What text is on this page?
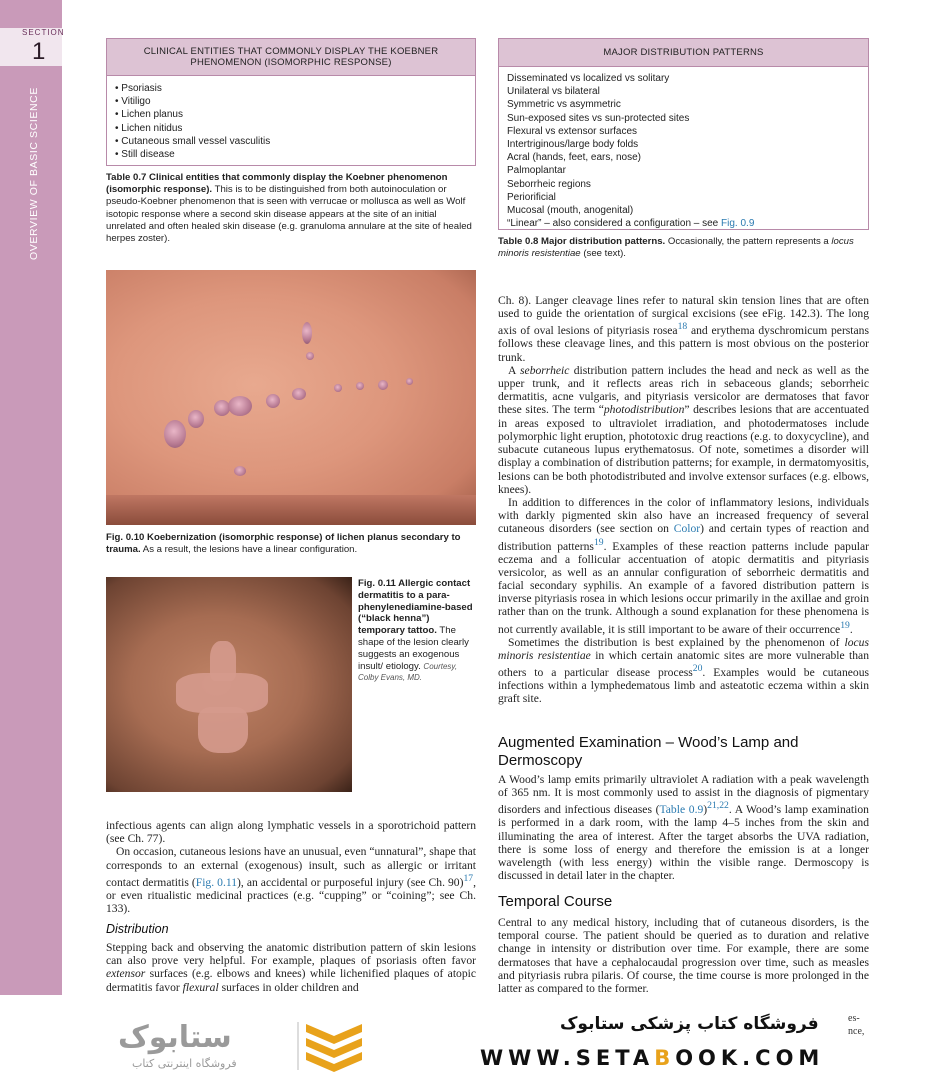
SECTION
1
OVERVIEW OF BASIC SCIENCE
CLINICAL ENTITIES THAT COMMONLY DISPLAY THE KOEBNER PHENOMENON (ISOMORPHIC RESPONSE)
• Psoriasis
• Vitiligo
• Lichen planus
• Lichen nitidus
• Cutaneous small vessel vasculitis
• Still disease
Table 0.7 Clinical entities that commonly display the Koebner phenomenon (isomorphic response). This is to be distinguished from both autoinoculation or pseudo-Koebner phenomenon that is seen with verrucae or mollusca as well as Wolf isotopic response where a second skin disease appears at the site of an initial unrelated and often healed skin disease (e.g. granuloma annulare at the site of healed herpes zoster).
MAJOR DISTRIBUTION PATTERNS
Disseminated vs localized vs solitary
Unilateral vs bilateral
Symmetric vs asymmetric
Sun-exposed sites vs sun-protected sites
Flexural vs extensor surfaces
Intertriginous/large body folds
Acral (hands, feet, ears, nose)
Palmoplantar
Seborrheic regions
Periorificial
Mucosal (mouth, anogenital)
“Linear” – also considered a configuration – see Fig. 0.9
Table 0.8 Major distribution patterns. Occasionally, the pattern represents a locus minoris resistentiae (see text).
Fig. 0.10 Koebernization (isomorphic response) of lichen planus secondary to trauma. As a result, the lesions have a linear configuration.
Fig. 0.11 Allergic contact dermatitis to a para-phenylenediamine-based (“black henna”) temporary tattoo. The shape of the lesion clearly suggests an exogenous insult/ etiology. Courtesy, Colby Evans, MD.

Ch. 8). Langer cleavage lines refer to natural skin tension lines that are often used to guide the orientation of surgical excisions (see eFig. 142.3). The long axis of oval lesions of pityriasis rosea$^{18}$ and erythema dyschromicum perstans follows these cleavage lines, and this pattern is most obvious on the posterior trunk.

A seborrheic distribution pattern includes the head and neck as well as the upper trunk, and it reflects areas rich in sebaceous glands; seborrheic dermatitis, acne vulgaris, and pityriasis versicolor are dermatoses that favor these sites. The term “photodistribution” describes lesions that are accentuated in areas exposed to ultraviolet irradiation, and photodermatoses include polymorphic light eruption, phototoxic drug reactions (e.g. to doxycycline), and subacute cutaneous lupus erythematosus. Of note, sometimes a disorder will display a combination of distribution patterns; for example, in dermatomyositis, lesions can be both photodistributed and involve extensor surfaces (e.g. elbows, knees).

In addition to differences in the color of inflammatory lesions, individuals with darkly pigmented skin also have an increased frequency of several cutaneous disorders (see section on Color) and certain types of reaction and distribution patterns$^{19}$. Examples of these reaction patterns include papular eczema and a follicular accentuation of atopic dermatitis and pityriasis versicolor, as well as an annular configuration of seborrheic dermatitis and facial secondary syphilis. An example of a favored distribution pattern is inverse pityriasis rosea in which lesions occur primarily in the axillae and groin rather than on the trunk. Although a sound explanation for these phenomena is not currently available, it is still important to be aware of their occurrence$^{19}$.

Sometimes the distribution is best explained by the phenomenon of locus minoris resistentiae in which certain anatomic sites are more vulnerable than others to a particular disease process$^{20}$. Examples would be cutaneous infections within a lymphedematous limb and asteatotic eczema within a skin graft site.

Augmented Examination – Wood’s Lamp and Dermoscopy

A Wood’s lamp emits primarily ultraviolet A radiation with a peak wavelength of 365 nm. It is most commonly used to assist in the diagnosis of pigmentary disorders and infectious diseases (Table 0.9)$^{21,22}$. A Wood’s lamp examination is performed in a dark room, with the lamp 4–5 inches from the skin and illuminating the area of interest. After the target absorbs the UVA radiation, there is some loss of energy and therefore the emission is at a longer wavelength (with less energy) within the visible range. Dermoscopy is discussed in detail later in the chapter.

Temporal Course

Central to any medical history, including that of cutaneous disorders, is the temporal course. The patient should be queried as to duration and relative change in intensity or distribution over time. For example, there are some dermatoses that have a cephalocaudal progression over time, such as measles and pityriasis rubra pilaris. Of course, the time course is more prolonged in the latter as compared to the former.

infectious agents can align along lymphatic vessels in a sporotrichoid pattern (see Ch. 77).

On occasion, cutaneous lesions have an unusual, even “unnatural”, shape that corresponds to an external (exogenous) insult, such as allergic or irritant contact dermatitis (Fig. 0.11), an accidental or purposeful injury (see Ch. 90)$^{17}$, or even ritualistic medicinal practices (e.g. “cupping” or “coining”; see Ch. 133).

Distribution

Stepping back and observing the anatomic distribution pattern of skin lesions can also prove very helpful. For example, plaques of psoriasis often favor extensor surfaces (e.g. elbows and knees) while lichenified plaques of atopic dermatitis favor flexural surfaces in older children and

ستابوک
فروشگاه اینترنتی کتاب
es-
nce,
فروشگاه کتاب پزشکی ستابوک
WWW.SETABOOK.COM
